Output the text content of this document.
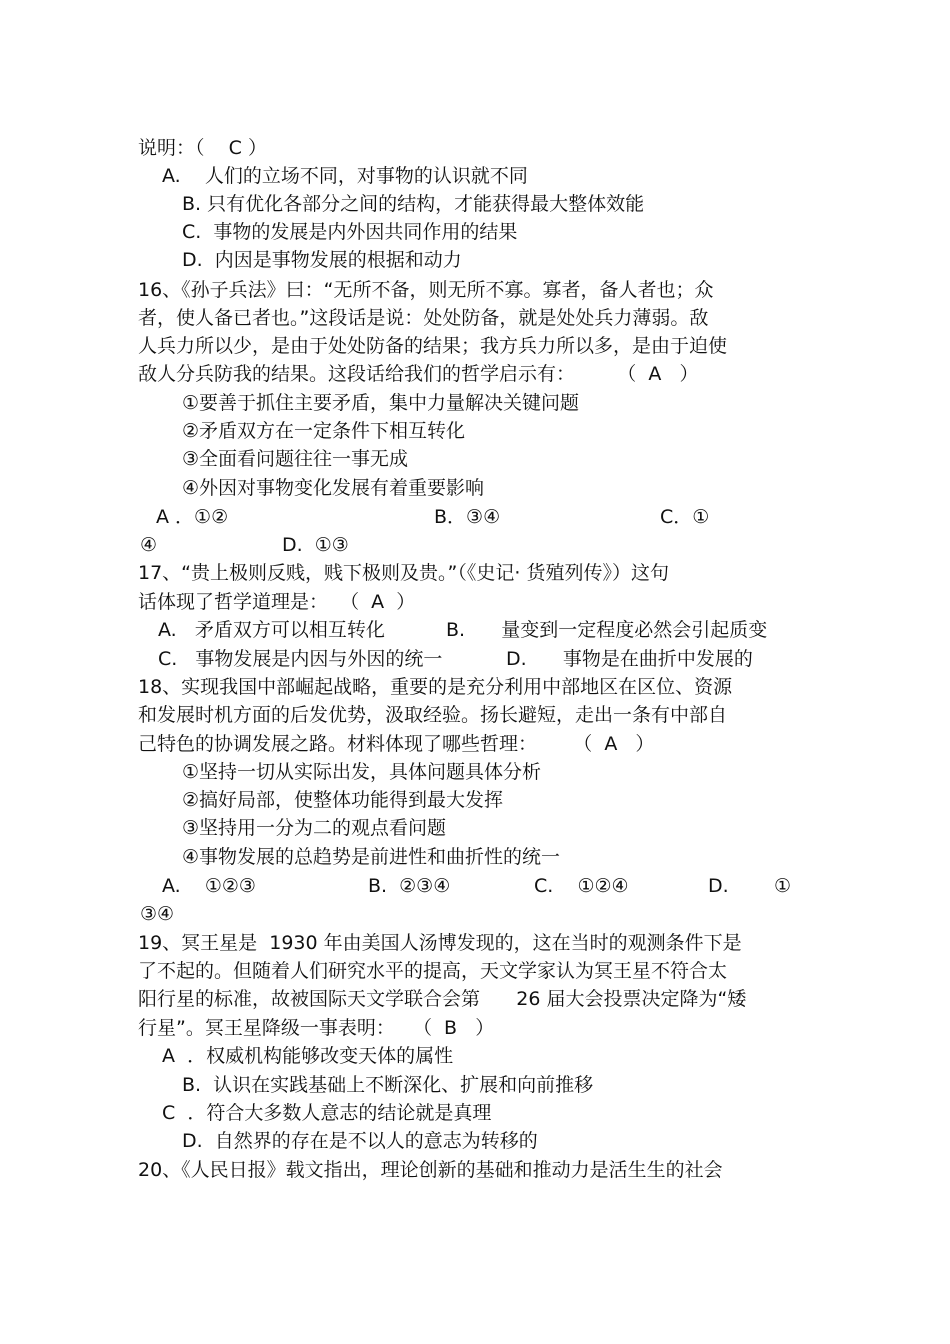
说明：（    C ）
A.    人们的立场不同，对事物的认识就不同
B. 只有优化各部分之间的结构，才能获得最大整体效能
C.  事物的发展是内外因共同作用的结果
D.  内因是事物发展的根据和动力
16、《孙子兵法》曰：“无所不备，则无所不寡。寡者，备人者也；众
者，使人备已者也。”这段话是说：处处防备，就是处处兵力薄弱。敌
人兵力所以少，是由于处处防备的结果；我方兵力所以多，是由于迫使
敌人分兵防我的结果。这段话给我们的哲学启示有：       （  A   ）
①要善于抓住主要矛盾，集中力量解决关键问题
②矛盾双方在一定条件下相互转化
③全面看问题往往一事无成
④外因对事物变化发展有着重要影响
A ．①②	B．③④	C．①
④	D.  ①③
17、“贵上极则反贱，贱下极则及贵。”（《史记· 货殖列传》）这句
话体现了哲学道理是：  （  A  ）
A.   矛盾双方可以相互转化	B.      量变到一定程度必然会引起质变
C.   事物发展是内因与外因的统一	D.      事物是在曲折中发展的
18、实现我国中部崛起战略，重要的是充分利用中部地区在区位、资源
和发展时机方面的后发优势，汲取经验。扬长避短，走出一条有中部自
己特色的协调发展之路。材料体现了哪些哲理：      （  A   ）
①坚持一切从实际出发，具体问题具体分析
②搞好局部，使整体功能得到最大发挥
③坚持用一分为二的观点看问题
④事物发展的总趋势是前进性和曲折性的统一
A.    ①②③	B.  ②③④	C.    ①②④	D. ①
③④
19、冥王星是  1930 年由美国人汤博发现的，这在当时的观测条件下是
了不起的。但随着人们研究水平的提高，天文学家认为冥王星不符合太
阳行星的标准，故被国际天文学联合会第      26 届大会投票决定降为“矮
行星”。冥王星降级一事表明：   （  B   ）
A  ．权威机构能够改变天体的属性
B.  认识在实践基础上不断深化、扩展和向前推移
C  ．符合大多数人意志的结论就是真理
D.  自然界的存在是不以人的意志为转移的
20、《人民日报》载文指出，理论创新的基础和推动力是活生生的社会
